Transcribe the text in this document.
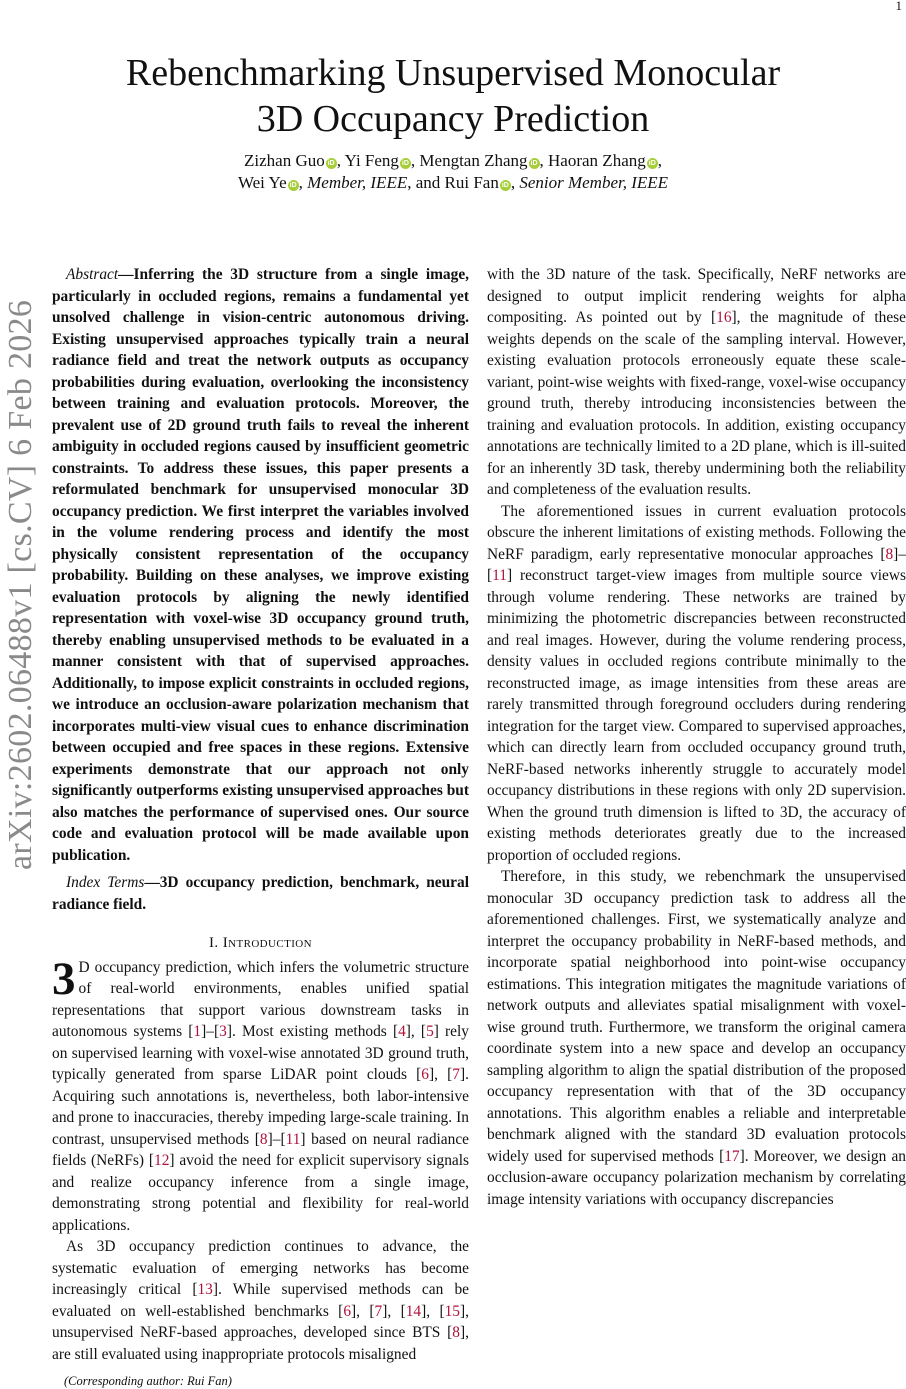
1
Rebenchmarking Unsupervised Monocular
3D Occupancy Prediction
Zizhan Guo iD , Yi Feng iD , Mengtan Zhang iD , Haoran Zhang iD ,
Wei Ye iD , Member, IEEE, and Rui Fan iD , Senior Member, IEEE
arXiv:2602.06488v1 [cs.CV] 6 Feb 2026

Abstract—Inferring the 3D structure from a single image, particularly in occluded regions, remains a fundamental yet unsolved challenge in vision-centric autonomous driving. Existing unsupervised approaches typically train a neural radiance field and treat the network outputs as occupancy probabilities during evaluation, overlooking the inconsistency between training and evaluation protocols. Moreover, the prevalent use of 2D ground truth fails to reveal the inherent ambiguity in occluded regions caused by insufficient geometric constraints. To address these issues, this paper presents a reformulated benchmark for unsupervised monocular 3D occupancy prediction. We first interpret the variables involved in the volume rendering process and identify the most physically consistent representation of the occupancy probability. Building on these analyses, we improve existing evaluation protocols by aligning the newly identified representation with voxel-wise 3D occupancy ground truth, thereby enabling unsupervised methods to be evaluated in a manner consistent with that of supervised approaches. Additionally, to impose explicit constraints in occluded regions, we introduce an occlusion-aware polarization mechanism that incorporates multi-view visual cues to enhance discrimination between occupied and free spaces in these regions. Extensive experiments demonstrate that our approach not only significantly outperforms existing unsupervised approaches but also matches the performance of supervised ones. Our source code and evaluation protocol will be made available upon publication.

Index Terms—3D occupancy prediction, benchmark, neural radiance field.

I. Introduction

3 D occupancy prediction, which infers the volumetric structure of real-world environments, enables unified spatial representations that support various downstream tasks in autonomous systems [1]–[3]. Most existing methods [4], [5] rely on supervised learning with voxel-wise annotated 3D ground truth, typically generated from sparse LiDAR point clouds [6], [7]. Acquiring such annotations is, nevertheless, both labor-intensive and prone to inaccuracies, thereby impeding large-scale training. In contrast, unsupervised methods [8]–[11] based on neural radiance fields (NeRFs) [12] avoid the need for explicit supervisory signals and realize occupancy inference from a single image, demonstrating strong potential and flexibility for real-world applications.

As 3D occupancy prediction continues to advance, the systematic evaluation of emerging networks has become increasingly critical [13]. While supervised methods can be evaluated on well-established benchmarks [6], [7], [14], [15], unsupervised NeRF-based approaches, developed since BTS [8], are still evaluated using inappropriate protocols misaligned

(Corresponding author: Rui Fan)

with the 3D nature of the task. Specifically, NeRF networks are designed to output implicit rendering weights for alpha compositing. As pointed out by [16], the magnitude of these weights depends on the scale of the sampling interval. However, existing evaluation protocols erroneously equate these scale-variant, point-wise weights with fixed-range, voxel-wise occupancy ground truth, thereby introducing inconsistencies between the training and evaluation protocols. In addition, existing occupancy annotations are technically limited to a 2D plane, which is ill-suited for an inherently 3D task, thereby undermining both the reliability and completeness of the evaluation results.

The aforementioned issues in current evaluation protocols obscure the inherent limitations of existing methods. Following the NeRF paradigm, early representative monocular approaches [8]–[11] reconstruct target-view images from multiple source views through volume rendering. These networks are trained by minimizing the photometric discrepancies between reconstructed and real images. However, during the volume rendering process, density values in occluded regions contribute minimally to the reconstructed image, as image intensities from these areas are rarely transmitted through foreground occluders during rendering integration for the target view. Compared to supervised approaches, which can directly learn from occluded occupancy ground truth, NeRF-based networks inherently struggle to accurately model occupancy distributions in these regions with only 2D supervision. When the ground truth dimension is lifted to 3D, the accuracy of existing methods deteriorates greatly due to the increased proportion of occluded regions.

Therefore, in this study, we rebenchmark the unsupervised monocular 3D occupancy prediction task to address all the aforementioned challenges. First, we systematically analyze and interpret the occupancy probability in NeRF-based methods, and incorporate spatial neighborhood into point-wise occupancy estimations. This integration mitigates the magnitude variations of network outputs and alleviates spatial misalignment with voxel-wise ground truth. Furthermore, we transform the original camera coordinate system into a new space and develop an occupancy sampling algorithm to align the spatial distribution of the proposed occupancy representation with that of the 3D occupancy annotations. This algorithm enables a reliable and interpretable benchmark aligned with the standard 3D evaluation protocols widely used for supervised methods [17]. Moreover, we design an occlusion-aware occupancy polarization mechanism by correlating image intensity variations with occupancy discrepancies
